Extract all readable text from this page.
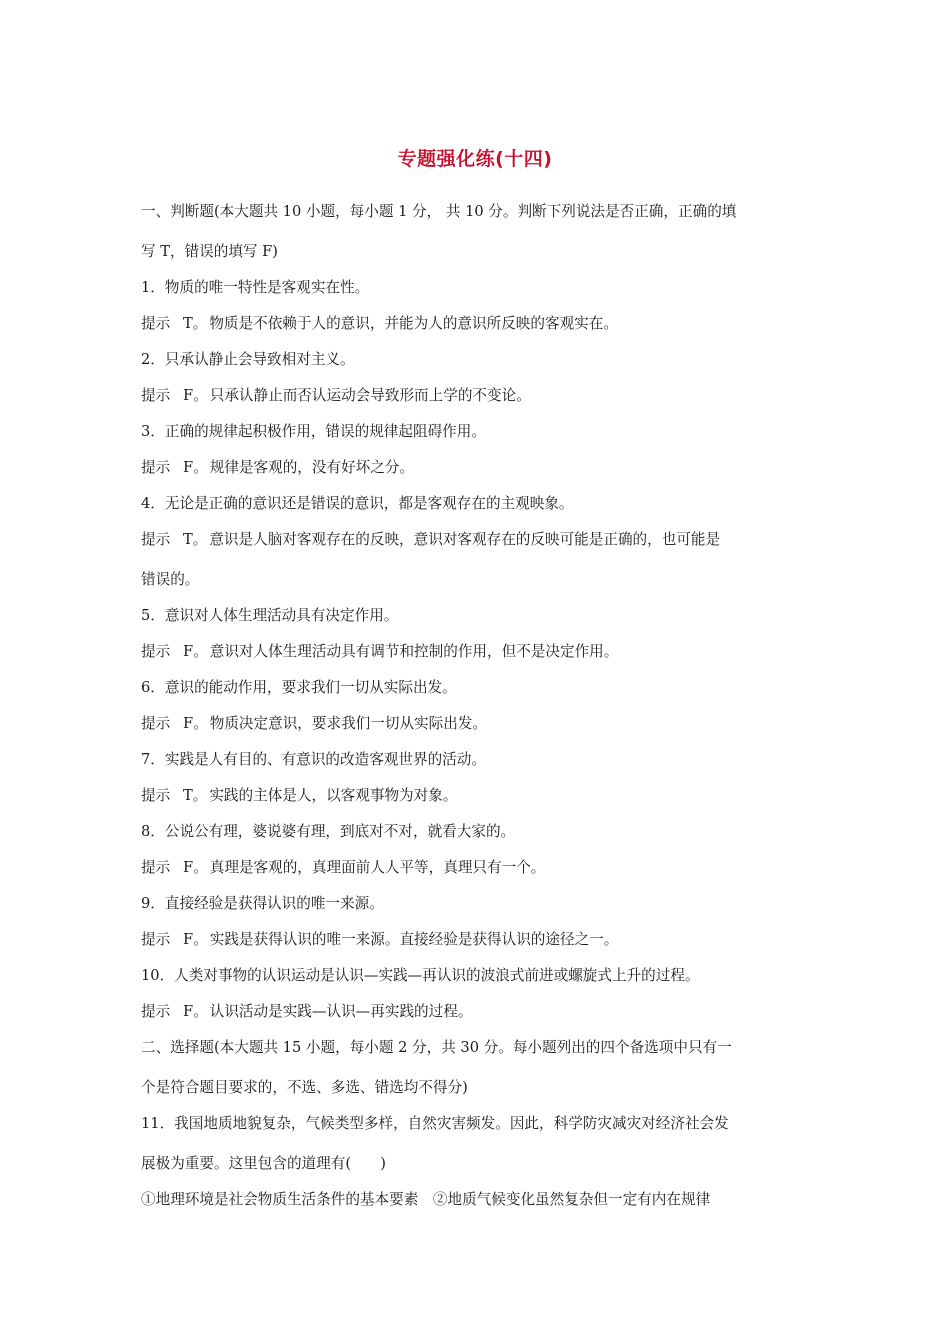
专题强化练(十四)
一、判断题(本大题共 10 小题，每小题 1 分， 共 10 分。判断下列说法是否正确，正确的填
写 T，错误的填写 F)
1．物质的唯一特性是客观实在性。
提示 T。 物质是不依赖于人的意识，并能为人的意识所反映的客观实在。
2．只承认静止会导致相对主义。
提示 F。 只承认静止而否认运动会导致形而上学的不变论。
3．正确的规律起积极作用，错误的规律起阻碍作用。
提示 F。 规律是客观的，没有好坏之分。
4．无论是正确的意识还是错误的意识，都是客观存在的主观映象。
提示 T。 意识是人脑对客观存在的反映，意识对客观存在的反映可能是正确的，也可能是
错误的。
5．意识对人体生理活动具有决定作用。
提示 F。 意识对人体生理活动具有调节和控制的作用，但不是决定作用。
6．意识的能动作用，要求我们一切从实际出发。
提示 F。 物质决定意识，要求我们一切从实际出发。
7．实践是人有目的、有意识的改造客观世界的活动。
提示 T。 实践的主体是人，以客观事物为对象。
8．公说公有理，婆说婆有理，到底对不对，就看大家的。
提示 F。 真理是客观的，真理面前人人平等，真理只有一个。
9．直接经验是获得认识的唯一来源。
提示 F。 实践是获得认识的唯一来源。直接经验是获得认识的途径之一。
10．人类对事物的认识运动是认识—实践—再认识的波浪式前进或螺旋式上升的过程。
提示 F。 认识活动是实践—认识—再实践的过程。
二、选择题(本大题共 15 小题，每小题 2 分，共 30 分。每小题列出的四个备选项中只有一
个是符合题目要求的，不选、多选、错选均不得分)
11．我国地质地貌复杂，气候类型多样，自然灾害频发。因此，科学防灾减灾对经济社会发
展极为重要。这里包含的道理有(　　)
①地理环境是社会物质生活条件的基本要素　②地质气候变化虽然复杂但一定有内在规律
